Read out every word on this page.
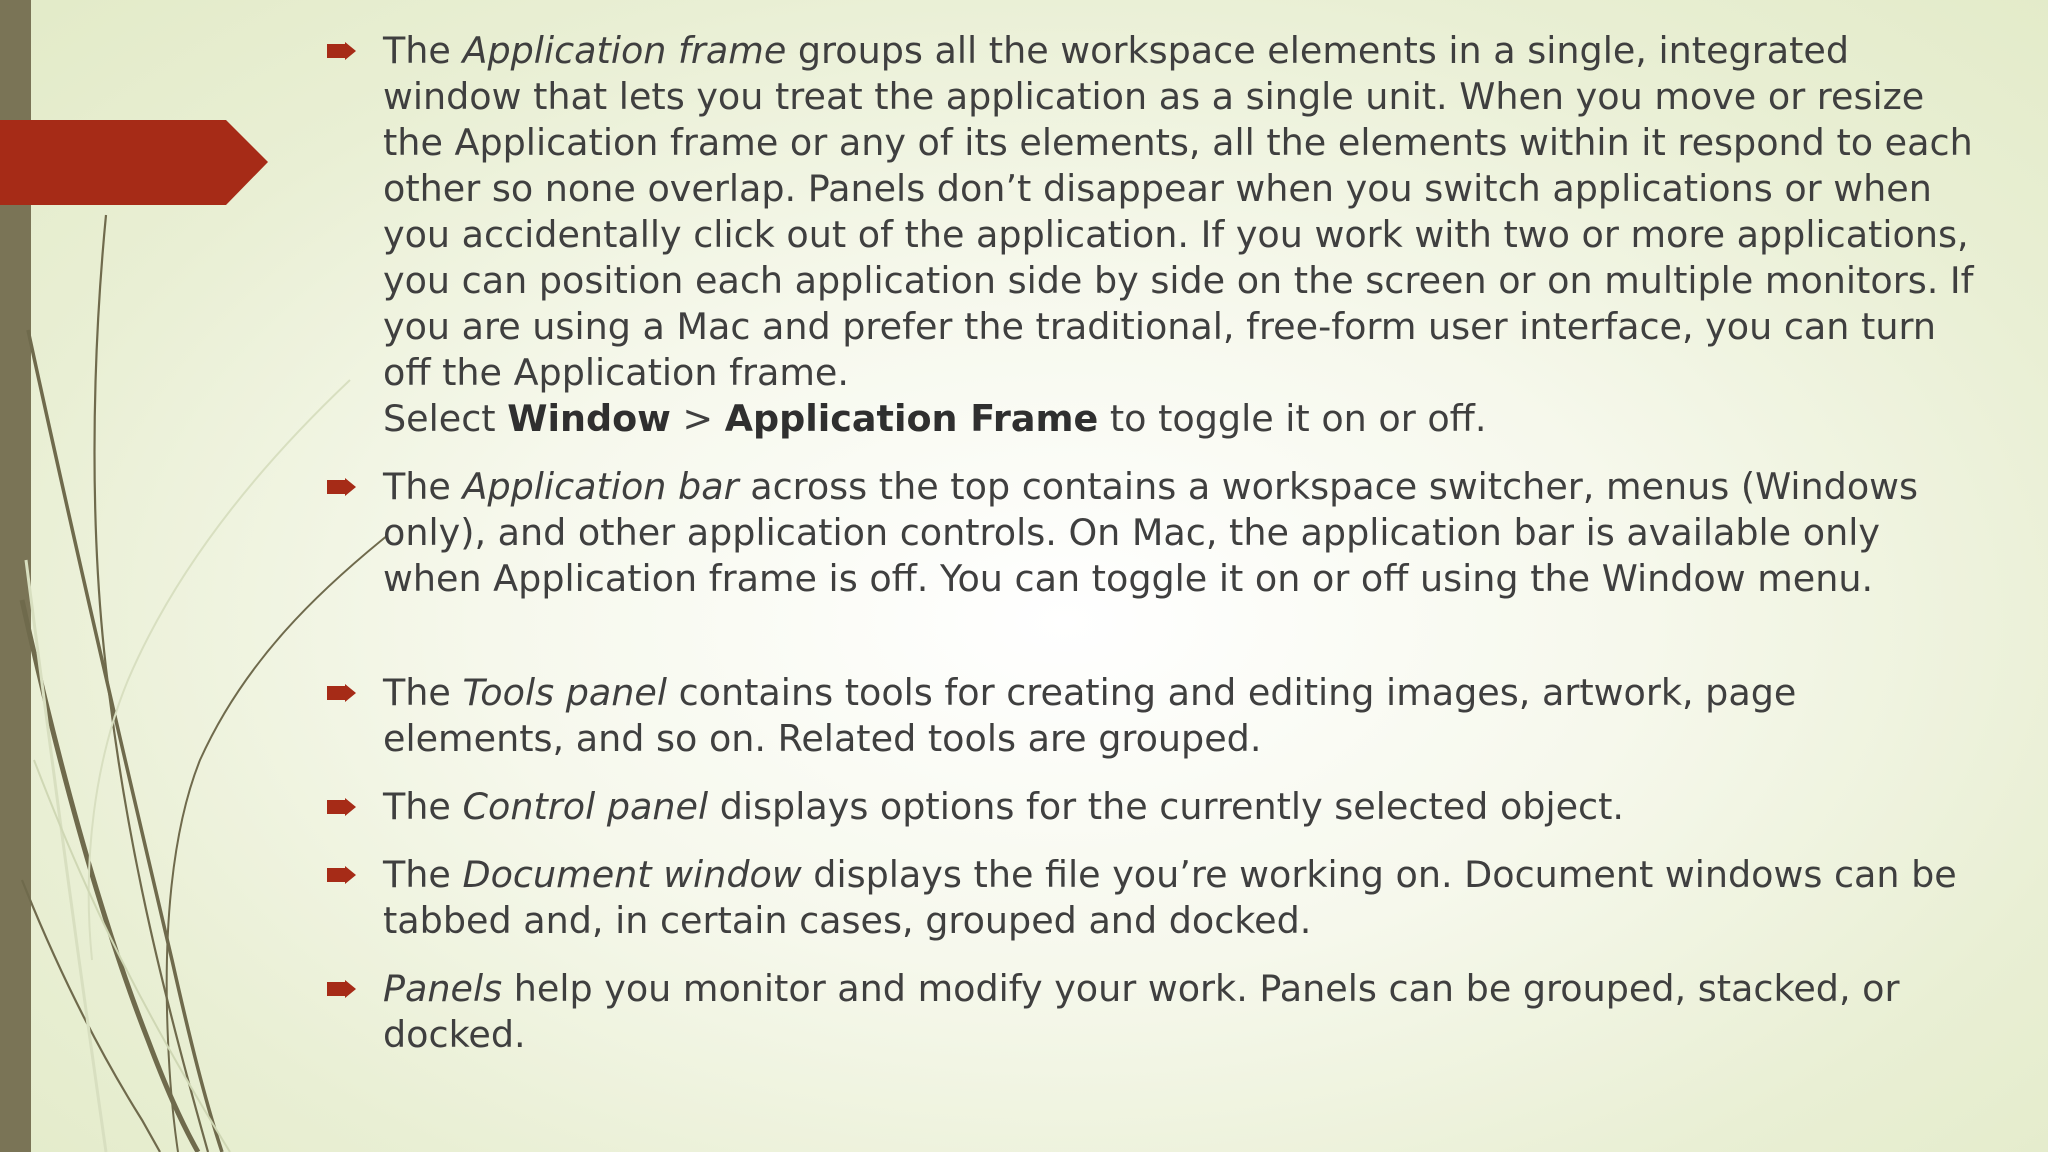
The Application frame groups all the workspace elements in a single, integrated window that lets you treat the application as a single unit. When you move or resize the Application frame or any of its elements, all the elements within it respond to each other so none overlap. Panels don’t disappear when you switch applications or when you accidentally click out of the application. If you work with two or more applications, you can position each application side by side on the screen or on multiple monitors. If you are using a Mac and prefer the traditional, free-form user interface, you can turn off the Application frame.
Select Window > Application Frame to toggle it on or off.
The Application bar across the top contains a workspace switcher, menus (Windows only), and other application controls. On Mac, the application bar is available only when Application frame is off. You can toggle it on or off using the Window menu.
The Tools panel contains tools for creating and editing images, artwork, page elements, and so on. Related tools are grouped.
The Control panel displays options for the currently selected object.
The Document window displays the file you’re working on. Document windows can be tabbed and, in certain cases, grouped and docked.
Panels help you monitor and modify your work. Panels can be grouped, stacked, or docked.
